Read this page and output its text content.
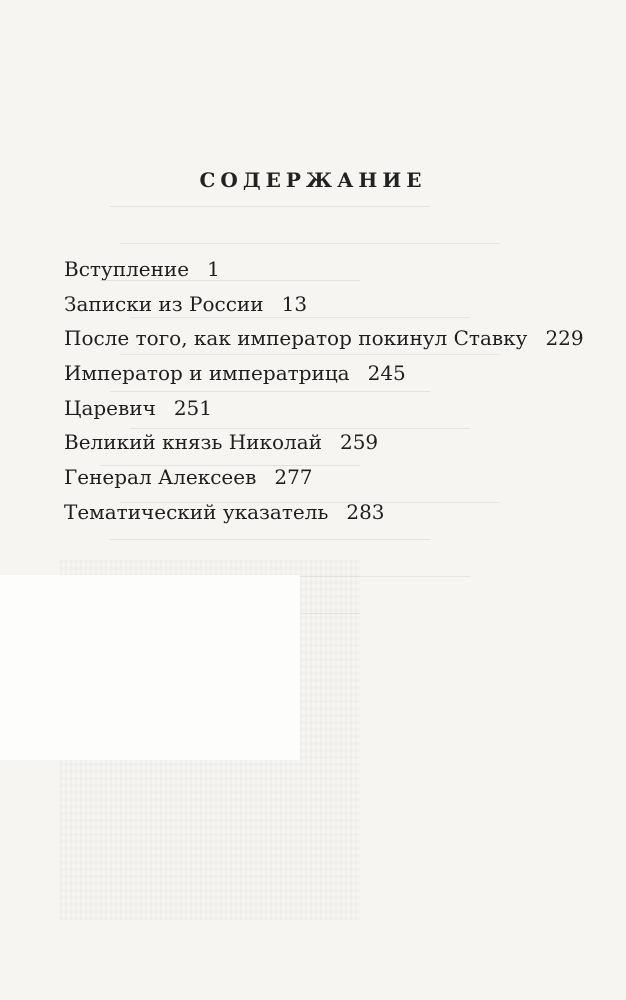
СОДЕРЖАНИЕ
Вступление 1
Записки из России 13
После того, как император покинул Ставку 229
Император и императрица 245
Царевич 251
Великий князь Николай 259
Генерал Алексеев 277
Тематический указатель 283
